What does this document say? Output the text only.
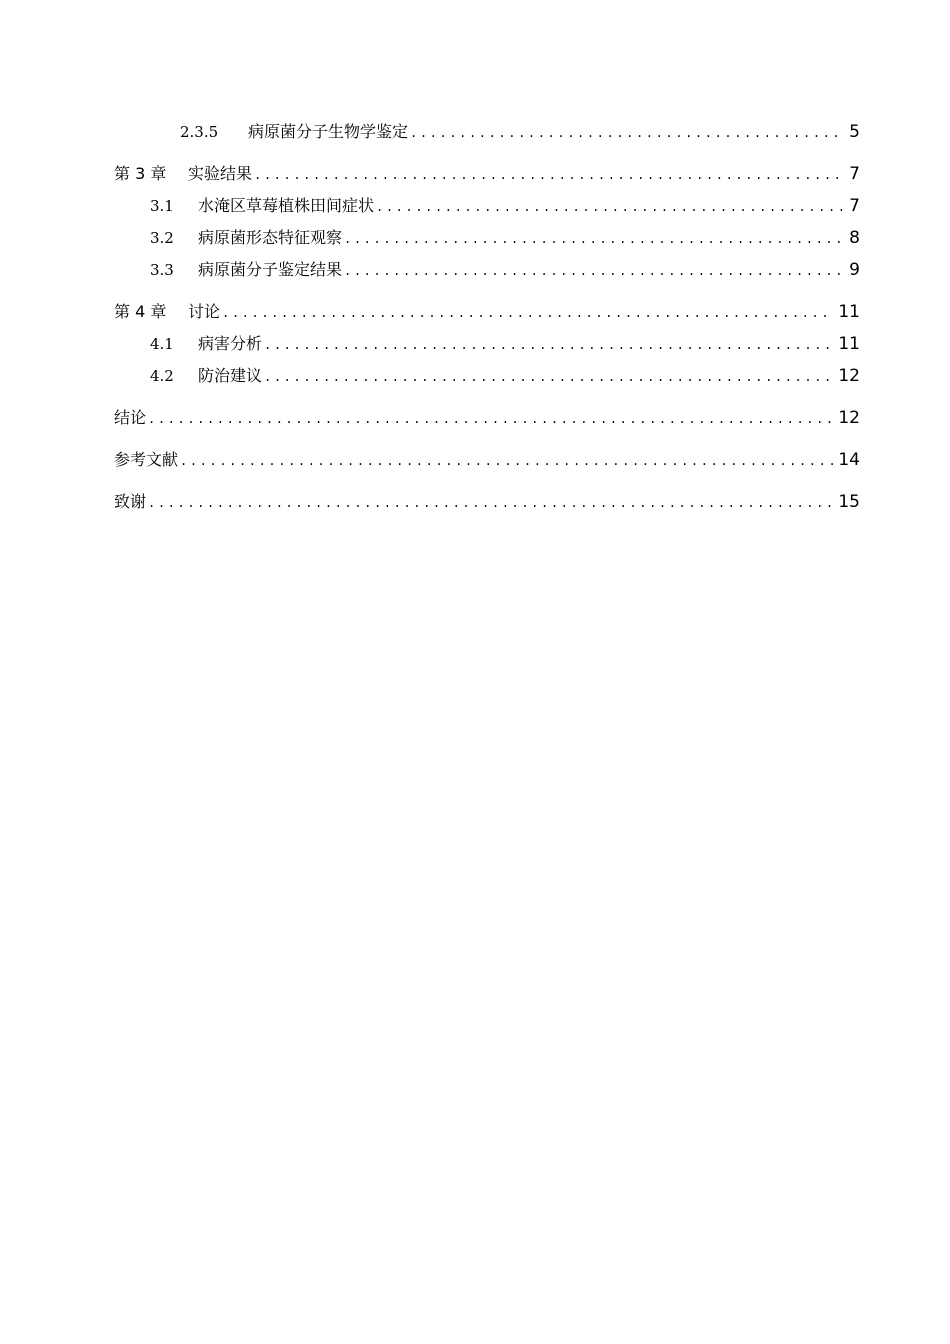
2.3.5	病原菌分子生物学鉴定 .....	5
第 3 章	实验结果 .....	7
3.1	水淹区草莓植株田间症状 .....	7
3.2	病原菌形态特征观察 .....	8
3.3	病原菌分子鉴定结果 .....	9
第 4 章	讨论 .....	11
4.1	病害分析 .....	11
4.2	防治建议 .....	12
结论 .....	12
参考文献 .....	14
致谢 .....	15
